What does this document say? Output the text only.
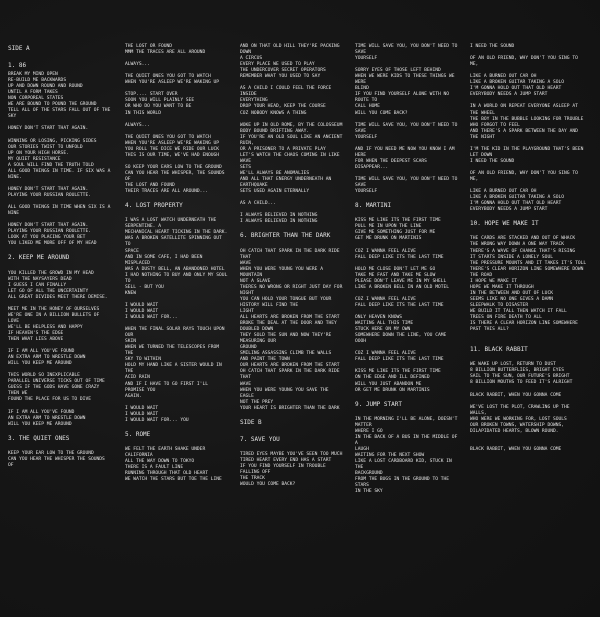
SIDE A
1. 86
BREAK MY MIND OPEN
RE-BUILD ME BACKWARDS
UP AND DOWN ROUND AND ROUND
UNTIL A FORM TAKES
NON CORPOREAL STATES
WE ARE BOUND TO POUND THE GROUND
TELL ALL OF THE STARS FALL OUT OF THE SKY
HONEY DON'T START THAT AGAIN.
WINNING OR LOSING, PICKING SIDES
OUR STORIES TWIST TO UNFOLD
UP ON YOUR HIGH HORSE.
MY QUIET RESISTANCE
A SOUL WILL FIND THE TRUTH TOLD
ALL GOOD THINGS IN TIME. IF SIX WAS A NINE.
HONEY DON'T START THAT AGAIN.
PLAYING YOUR RUSSIAN ROULETTE.
ALL GOOD THINGS IN TIME WHEN SIX IS A NINE
HONEY DON'T START THAT AGAIN.
PLAYING YOUR RUSSIAN ROULETTE.
LOOK AT YOU PLACING YOUR BET
YOU LIKED ME MORE OFF OF MY HEAD
2. KEEP ME AROUND
YOU KILLED THE GROWD IN MY HEAD
WITH THE NAYSAYERS DEAD
I GUESS I CAN FINALLY
LET GO OF ALL THE UNCERTAINTY
ALL GREAT DIVIDES MEET THERE DEMISE.
MEET ME IN THE HONEY OF OURSELVES
WE'RE ONE IN A BILLION BULLETS OF LOVE
WE'LL BE HELPLESS AND HAPPY
IF HEAVEN'S THE EDGE
THEN WHAT LIES ABOVE
IF I AM ALL YOU'VE FOUND
AN EXTRA ARM TO WRESTLE DOWN
WILL YOU KEEP ME AROUND
THIS WORLD SO INEXPLICABLE
PARALLEL UNIVERSE TICKS OUT OF TIME
GUESS IF THE GODS HAVE GONE CRAZY THEN WE
FOUND THE PLACE FOR US TO DIVE
IF I AM ALL YOU'VE FOUND
AN EXTRA ARM TO WRESTLE DOWN
WILL YOU KEEP ME AROUND
3. THE QUIET ONES
KEEP YOUR EAR LOW TO THE GROUND
CAN YOU HEAR THE WHISPER THE SOUNDS OF
THE LOST OR FOUND
MMM THE TRACES ARE ALL AROUND
ALWAYS...
THE QUIET ONES YOU GOT TO WATCH
WHEN YOU'RE ASLEEP WE'RE WAKING UP
STOP.... START OVER
SOON YOU WILL PLAINLY SEE
OR WHO DO YOU WANT TO BE
IN THIS WORLD
ALWAYS...
THE QUIET ONES YOU GOT TO WATCH
WHEN YOU'RE ASLEEP WE'RE WAKING UP
YOU ROLL THE DICE WE RIDE OUR LUCK
THIS IS OUR TIME, WE'VE HAD ENOUGH
SO KEEP YOUR EARS LOW TO THE GROUND
CAN YOU HEAR THE WHISPER, THE SOUNDS OF
THE LOST AND FOUND
THEIR TRACES ARE ALL AROUND...
4. LOST PROPERTY
I WAS A LOST WATCH UNDERNEATH THE
SERPENTINE. A
MECHANICAL HEART TICKING IN THE DARK.
WAS A BROKEN SATELLITE SPINNING OUT TO
SPACE
AND IN SOME CAFE, I HAD BEEN MISPLACED
WAS A DUSTY BELL, AN ABANDONED HOTEL
I HAD NOTHING TO BUY AND ONLY MY SOUL TO
SELL - BUT YOU
KNEW
I WOULD WAIT
I WOULD WAIT
I WOULD WAIT FOR...
WHEN THE FINAL SOLAR RAYS TOUCH UPON OUR
SKIN
WHEN WE TURNED THE TELESCOPES FROM THE
SKY TO WITHIN
HOLD MY HAND LIKE A SISTER WOULD IN THE
ACID RAIN
AND IF I HAVE TO GO FIRST I'LL PROMISE YOU
AGAIN.
I WOULD WAIT
I WOULD WAIT
I WOULD WAIT FOR... YOU
5. ROME
WE FELT THE EARTH SHAKE UNDER CALIFORNIA
ALL THE WAY DOWN TO TOKYO
THERE IS A FAULT LINE
RUNNING THROUGH THAT OLD HEART
WE WATCH THE STARS BUT TOE THE LINE
AND ON THAT OLD HILL THEY'RE PACKING DOWN
A CIRCUS
EVERY PLACE WE USED TO PLAY
THE UNDERCOVER SECRET OPERATORS
REMEMBER WHAT YOU USED TO SAY
AS A CHILD I COULD FEEL THE FORCE INSIDE
EVERYTHING
DROP YOUR HEAD, KEEP THE COURSE
COZ NOBODY KNOWS A THING
WOKE UP IN OLD ROME, BY THE COLOSSEUM
BODY BOUND DRIFTING AWAY.
IF YOU'RE AN OLD SOUL LIKE AN ANCIENT RUIN,
OR A PRISONER TO A PRIVATE PLAY
LET'S WATCH THE CHAOS COMING IN LIKE WAVE
SETS
WE'LL ALWAYS BE ANOMALIES
AND ALL THAT ENERGY UNDERNEATH AN
EARTHQUAKE
SETS USED AGAIN ETERNALLY
AS A CHILD...
I ALWAYS BELIEVED IN NOTHING
I ALWAYS BELIEVED IN NOTHING
6. BRIGHTER THAN THE DARK
OH CATCH THAT SPARK IN THE DARK RIDE THAT
WAVE
WHEN YOU WERE YOUNG YOU WERE A MOUNTAIN
NOT A SLAVE
THERES NO WRONG OR RIGHT JUST DAY FOR
NIGHT
YOU CAN HOLD YOUR TONGUE BUT YOUR
HISTORY WILL FIND THE
LIGHT
ALL HEARTS ARE BROKEN FROM THE START
BROKE THE DEAL AT THE DOOR AND THEY
DOUBLED DOWN
THEY SOLD THE SUN AND NOW THEY'RE
MEASURING OUR
GROUND
SMILING ASSASSINS CLIMB THE WALLS
AND PAINT THE TOWN
OUR HEARTS ARE BROKEN FROM THE START
OH CATCH THAT SPARK IN THE DARK RIDE THAT
WAVE
WHEN YOU WERE YOUNG YOU SAVE THE EAGLE
NOT THE PREY
YOUR HEART IS BRIGHTER THAN THE DARK
SIDE B
7. SAVE YOU
TIRED EYES MAYBE YOU'VE SEEN TOO MUCH
TIRED HEART EVERY END HAS A START
IF YOU FIND YOURSELF IN TROUBLE FALLING OFF
THE TRACK
WOULD YOU COME BACK?
TIME WILL SAVE YOU, YOU DON'T NEED TO SAVE
YOURSELF
SORRY EYES OF THOSE LEFT BEHIND
WHEN WE WERE KIDS TO THESE THINGS WE WERE
BLIND
IF YOU FIND YOURSELF ALONE WITH NO ROUTE TO
CALL HOME
WILL YOU COME BACK?
TIME WILL SAVE YOU, YOU DON'T NEED TO SAVE
YOURSELF
AND IF YOU NEED ME NOW YOU KNOW I AM HERE
FOR WHEN THE DEEPEST SCARS DISAPPEAR...
TIME WILL SAVE YOU, YOU DON'T NEED TO SAVE
YOURSELF
8. MARTINI
KISS ME LIKE ITS THE FIRST TIME
PULL ME IN UPON THE LINE
GIVE ME SOMETHING JUST FOR ME
GET ME DRUNK ON MARTINIS
COZ I WANNA FEEL ALIVE
FALL DEEP LIKE ITS THE LAST TIME
HOLD ME CLOSE DON'T LET ME GO
TAKE ME FAST AND TAKE ME SLOW
PLEASE DON'T LEAVE ME IN MY SHELL
LIKE A BROKEN BELL IN AN OLD MOTEL
COZ I WANNA FEEL ALIVE
FALL DEEP LIKE ITS THE LAST TIME
ONLY HEAVEN KNOWS
WAITING ALL THIS TIME
STUCK HERE ON MY OWN
SOMEWHERE DOWN THE LINE, YOU CAME
OOOH
COZ I WANNA FEEL ALIVE
FALL DEEP LIKE ITS THE LAST TIME
KISS ME LIKE ITS THE FIRST TIME
ON THE EDGE AND ILL DEFINED
WILL YOU JUST ABANDON ME
OR GET ME DRUNK ON MARTINIS
9. JUMP START
IN THE MORNING I'LL BE ALONE, DOESN'T MATTER
WHERE I GO
IN THE BACK OF A BUS IN THE MIDDLE OF A
LAUGH
WAITING FOR THE NEXT SHOW
LIKE A LOST CARDBOARD KID, STUCK IN THE
BACKGROUND
FROM THE BUGS IN THE GROUND TO THE STARS
IN THE SKY
I NEED THE SOUND
OF AN OLD FRIEND, WHY DON'T YOU SING TO ME,
LIKE A BURNED OUT CAR OH
LIKE A BROKEN GUITAR TAKING A SOLO
I'M GONNA HOLD OUT THAT OLD HEART
EVERYBODY NEEDS A JUMP START
IN A WORLD ON REPEAT EVERYONE ASLEEP AT
THE WHEEL
THE BOY IN THE BUBBLE LOOKING FOR TROUBLE
WHO FORGOT TO FEEL
AND THERE'S A SPARK BETWEEN THE DAY AND
THE NIGHT
I'M THE KID IN THE PLAYGROUND THAT'S BEEN
LET DOWN
I NEED THE SOUND
OF AN OLD FRIEND, WHY DON'T YOU SING TO ME,
LIKE A BURNED OUT CAR OH
LIKE A BROKEN GUITAR TAKING A SOLO
I'M GONNA HOLD OUT THAT OLD HEART
EVERYBODY NEEDS A JUMP START
10. HOPE WE MAKE IT
THE CARDS ARE STACKED AND OUT OF WHACK
THE WRONG WAY DOWN A ONE WAY TRACK
THERE'S A WAVE OF CHANGE THAT'S RISING
IT STARTS INSIDE A LONELY SOUL
THE PRESSURE MOUNTS AND IT TAKES IT'S TOLL
THERE'S CLEAR HORIZON LINE SOMEWHERE DOWN
THE ROAD
I HOPE WE MAKE IT
HOPE WE MAKE IT THROUGH
IN THE BETWEEN AND OUT OF LUCK
SEEMS LIKE NO ONE GIVES A DAMN
SLEEPWALK TO DISASTER
WE BUILD IT TALL THEN WATCH IT FALL
TREES ON FIRE DEATH TO ALL
IS THERE A CLEAR HORIZON LINE SOMEWHERE
PAST THIS ALL?
11. BLACK RABBIT
WE WAKE UP LOST, RETURN TO DUST
8 BILLION BUTTERFLIES, BRIGHT EYES
SAIL TO THE SUN, OUR FUTURE'S BRIGHT
8 BILLION MOUTHS TO FEED IT'S ALRIGHT
BLACK RABBIT, WHEN YOU GONNA COME
WE'VE LOST THE PLOT, CRAWLING UP THE WALLS,
WHO WERE WE WORKING FOR, LOST SOULS
OUR BROKEN TOWNS, WATERSHIP DOWNS,
DILAPIDATED HEARTS, BLOWN ROUND.
BLACK RABBIT, WHEN YOU GONNA COME
